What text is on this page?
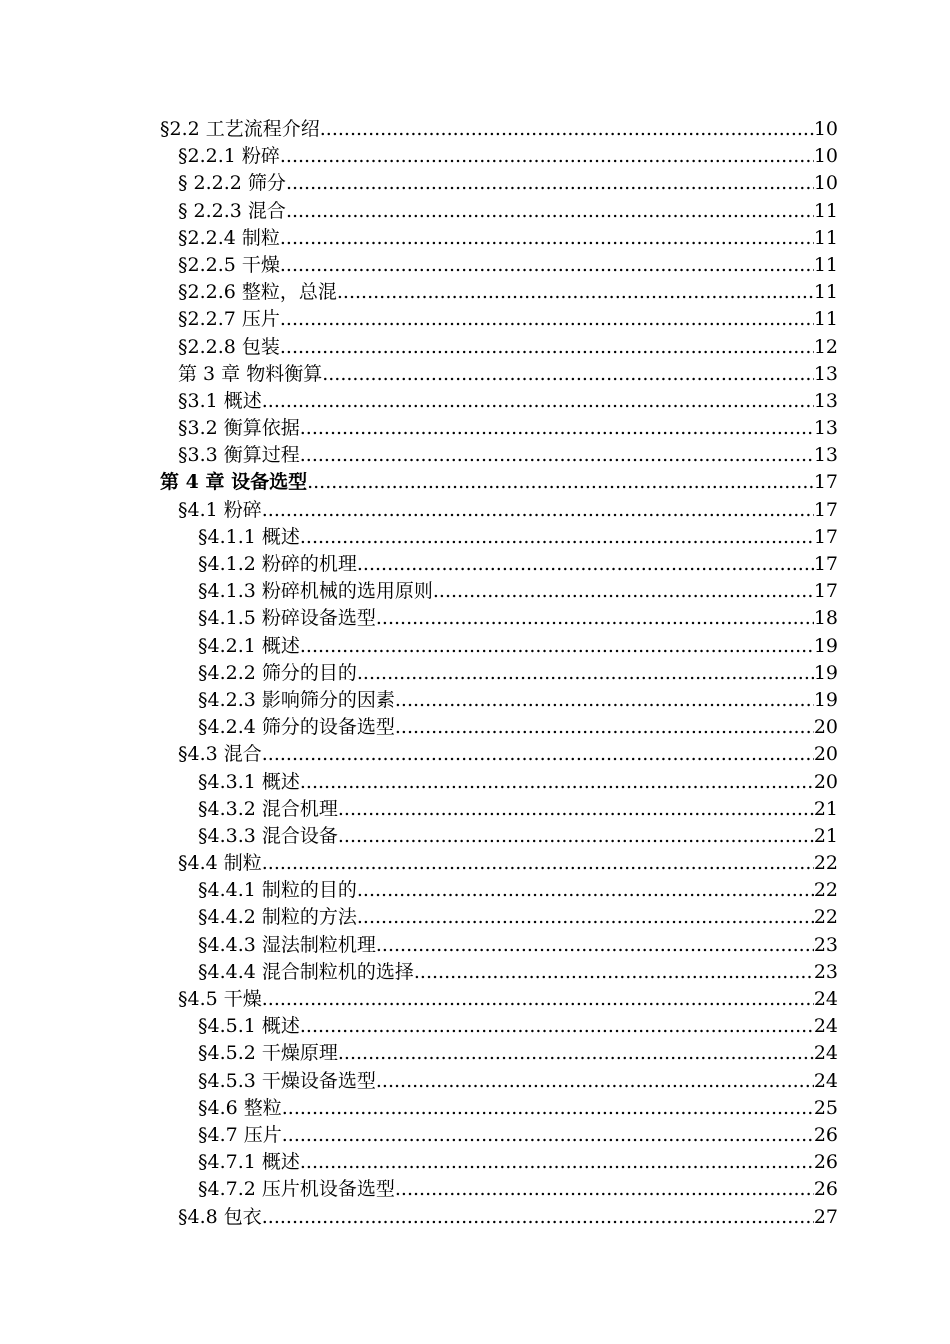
§2.2 工艺流程介绍 .....	10
§2.2.1 粉碎 .....	10
§ 2.2.2 筛分 .....	10
§ 2.2.3 混合 .....	11
§2.2.4 制粒 .....	11
§2.2.5 干燥 .....	11
§2.2.6 整粒，总混 .....	11
§2.2.7 压片 .....	11
§2.2.8 包装 .....	12
第 3 章 物料衡算 .....	13
§3.1 概述 .....	13
§3.2 衡算依据 .....	13
§3.3 衡算过程 .....	13
第 4 章 设备选型 .....	17
§4.1 粉碎 .....	17
§4.1.1 概述 .....	17
§4.1.2 粉碎的机理 .....	17
§4.1.3 粉碎机械的选用原则 .....	17
§4.1.5 粉碎设备选型 .....	18
§4.2.1 概述 .....	19
§4.2.2 筛分的目的 .....	19
§4.2.3 影响筛分的因素 .....	19
§4.2.4 筛分的设备选型 .....	20
§4.3 混合 .....	20
§4.3.1 概述 .....	20
§4.3.2 混合机理 .....	21
§4.3.3 混合设备 .....	21
§4.4 制粒 .....	22
§4.4.1 制粒的目的 .....	22
§4.4.2 制粒的方法 .....	22
§4.4.3 湿法制粒机理 .....	23
§4.4.4 混合制粒机的选择 .....	23
§4.5 干燥 .....	24
§4.5.1 概述 .....	24
§4.5.2 干燥原理 .....	24
§4.5.3 干燥设备选型 .....	24
§4.6 整粒 .....	25
§4.7 压片 .....	26
§4.7.1 概述 .....	26
§4.7.2 压片机设备选型 .....	26
§4.8 包衣 .....	27
